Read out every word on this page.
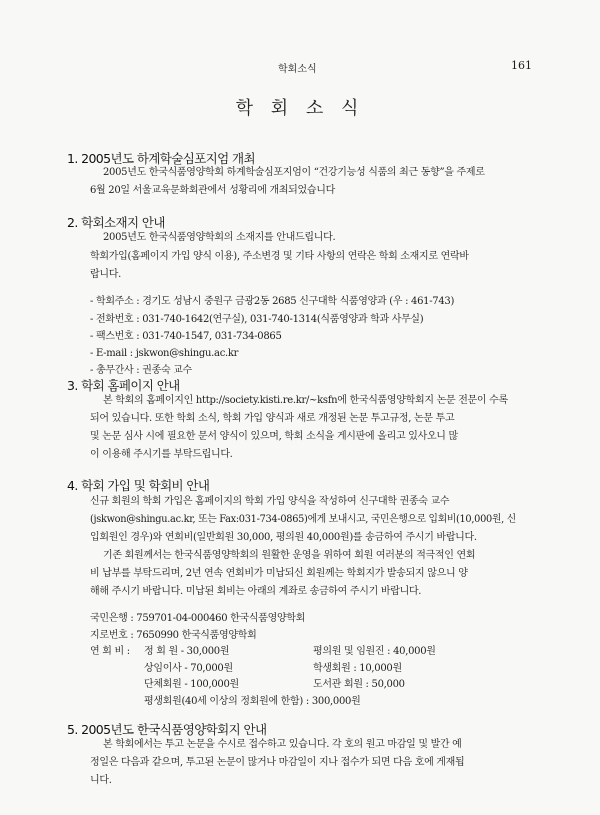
학회소식	161
학 회 소 식
1. 2005년도 하계학술심포지엄 개최
2005년도 한국식품영양학회 하계학술심포지엄이 “건강기능성 식품의 최근 동향”을 주제로
6월 20일 서울교육문화회관에서 성황리에 개최되었습니다
2. 학회소재지 안내
2005년도 한국식품영양학회의 소재지를 안내드립니다.
학회가입(홈페이지 가입 양식 이용), 주소변경 및 기타 사항의 연락은 학회 소재지로 연락바
랍니다.
- 학회주소 : 경기도 성남시 중원구 금광2동 2685 신구대학 식품영양과 (우 : 461-743)
- 전화번호 : 031-740-1642(연구실), 031-740-1314(식품영양과 학과 사무실)
- 팩스번호 : 031-740-1547, 031-734-0865
- E-mail : jskwon@shingu.ac.kr
- 총무간사 : 권종숙 교수
3. 학회 홈페이지 안내
본 학회의 홈페이지인 http://society.kisti.re.kr/~ksfn에 한국식품영양학회지 논문 전문이 수록
되어 있습니다. 또한 학회 소식, 학회 가입 양식과 새로 개정된 논문 투고규정, 논문 투고
및 논문 심사 시에 필요한 문서 양식이 있으며, 학회 소식을 게시판에 올리고 있사오니 많
이 이용해 주시기를 부탁드립니다.
4. 학회 가입 및 학회비 안내
신규 회원의 학회 가입은 홈페이지의 학회 가입 양식을 작성하여 신구대학 권종숙 교수
(jskwon@shingu.ac.kr, 또는 Fax:031-734-0865)에게 보내시고, 국민은행으로 입회비(10,000원, 신
입회원인 경우)와 연회비(일반회원 30,000, 평의원 40,000원)를 송금하여 주시기 바랍니다.
기존 회원께서는 한국식품영양학회의 원활한 운영을 위하여 회원 여러분의 적극적인 연회
비 납부를 부탁드리며, 2년 연속 연회비가 미납되신 회원께는 학회지가 발송되지 않으니 양
해해 주시기 바랍니다. 미납된 회비는 아래의 계좌로 송금하여 주시기 바랍니다.
국민은행 : 759701-04-000460 한국식품영양학회
지로번호 : 7650990 한국식품영양학회
연 회 비 : 정 회 원 - 30,000원	평의원 및 임원진 : 40,000원
상임이사 - 70,000원	학생회원 : 10,000원
단체회원 - 100,000원	도서관 회원 : 50,000
평생회원(40세 이상의 정회원에 한함) : 300,000원
5. 2005년도 한국식품영양학회지 안내
본 학회에서는 투고 논문을 수시로 접수하고 있습니다. 각 호의 원고 마감일 및 발간 예
정일은 다음과 같으며, 투고된 논문이 많거나 마감일이 지나 접수가 되면 다음 호에 게재됩
니다.
